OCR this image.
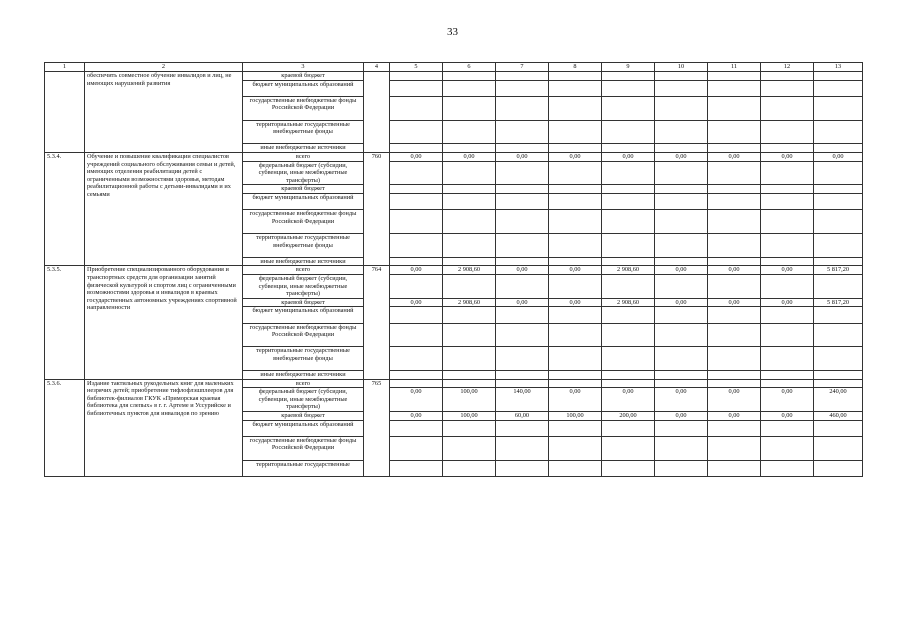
33
1	2	3	4	5	6	7	8	9	10	11	12	13
	обеспечить совместное обучение инвалидов и лиц, не имеющих нарушений развития	краевой бюджет										
		бюджет муниципальных образований										
		государственные внебюджетные фонды Российской Федерации										
		территориальные государственные внебюджетные фонды										
		иные внебюджетные источники										
5.3.4.	Обучение и повышение квалификации специалистов учреждений социального обслуживания семьи и детей, имеющих отделения реабилитации детей с ограниченными возможностями здоровья, методам реабилитационной работы с детьми-инвалидами и их семьями	всего	760	0,00	0,00	0,00	0,00	0,00	0,00	0,00	0,00	0,00
		федеральный бюджет (субсидии, субвенции, иные межбюджетные трансферты)										
		краевой бюджет										
		бюджет муниципальных образований										
		государственные внебюджетные фонды Российской Федерации										
		территориальные государственные внебюджетные фонды										
		иные внебюджетные источники										
5.3.5.	Приобретение специализированного оборудования и транспортных средств для организации занятий физической культурой и спортом лиц с ограниченными возможностями здоровья и инвалидов в краевых государственных автономных учреждениях спортивной направленности	всего	764	0,00	2 908,60	0,00	0,00	2 908,60	0,00	0,00	0,00	5 817,20
		федеральный бюджет (субсидии, субвенции, иные межбюджетные трансферты)										
		краевой бюджет		0,00	2 908,60	0,00	0,00	2 908,60	0,00	0,00	0,00	5 817,20
		бюджет муниципальных образований										
		государственные внебюджетные фонды Российской Федерации										
		территориальные государственные внебюджетные фонды										
		иные внебюджетные источники										
5.3.6.	Издание тактильных рукодельных книг для маленьких незрячих детей; приобретение тифлофлэшплееров для библиотек-филиалов ГКУК «Приморская краевая библиотека для слепых» в г. г. Артеме и Уссурийске и библиотечных пунктов для инвалидов по зрению	всего	765									
		федеральный бюджет (субсидии, субвенции, иные межбюджетные трансферты)		0,00	100,00	140,00	0,00	0,00	0,00	0,00	0,00	240,00
		краевой бюджет		0,00	100,00	60,00	100,00	200,00	0,00	0,00	0,00	460,00
		бюджет муниципальных образований										
		государственные внебюджетные фонды Российской Федерации										
		территориальные государственные										
